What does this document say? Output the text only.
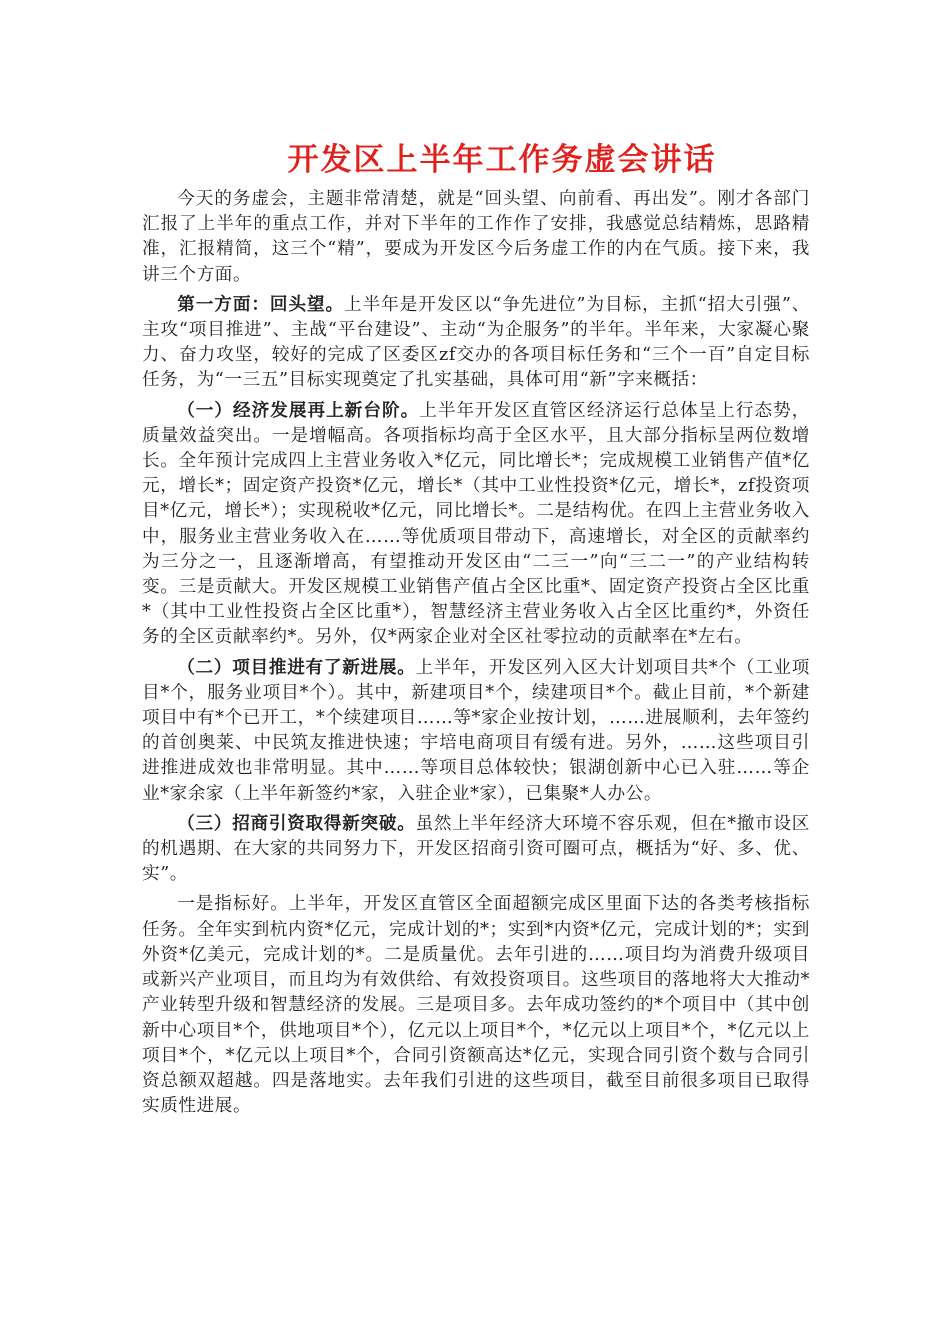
开发区上半年工作务虚会讲话

今天的务虚会，主题非常清楚，就是“回头望、向前看、再出发”。刚才各部门汇报了上半年的重点工作，并对下半年的工作作了安排，我感觉总结精炼，思路精准，汇报精简，这三个“精”，要成为开发区今后务虚工作的内在气质。接下来，我讲三个方面。

第一方面：回头望。上半年是开发区以“争先进位”为目标，主抓“招大引强”、主攻“项目推进”、主战“平台建设”、主动“为企服务”的半年。半年来，大家凝心聚力、奋力攻坚，较好的完成了区委区zf交办的各项目标任务和“三个一百”自定目标任务，为“一三五”目标实现奠定了扎实基础，具体可用“新”字来概括：

（一）经济发展再上新台阶。上半年开发区直管区经济运行总体呈上行态势，质量效益突出。一是增幅高。各项指标均高于全区水平，且大部分指标呈两位数增长。全年预计完成四上主营业务收入*亿元，同比增长*；完成规模工业销售产值*亿元，增长*；固定资产投资*亿元，增长*（其中工业性投资*亿元，增长*，zf投资项目*亿元，增长*）；实现税收*亿元，同比增长*。二是结构优。在四上主营业务收入中，服务业主营业务收入在……等优质项目带动下，高速增长，对全区的贡献率约为三分之一，且逐渐增高，有望推动开发区由“二三一”向“三二一”的产业结构转变。三是贡献大。开发区规模工业销售产值占全区比重*、固定资产投资占全区比重*（其中工业性投资占全区比重*），智慧经济主营业务收入占全区比重约*，外资任务的全区贡献率约*。另外，仅*两家企业对全区社零拉动的贡献率在*左右。

（二）项目推进有了新进展。上半年，开发区列入区大计划项目共*个（工业项目*个，服务业项目*个）。其中，新建项目*个，续建项目*个。截止目前，*个新建项目中有*个已开工，*个续建项目……等*家企业按计划，……进展顺利，去年签约的首创奥莱、中民筑友推进快速；宇培电商项目有缓有进。另外，……这些项目引进推进成效也非常明显。其中……等项目总体较快；银湖创新中心已入驻……等企业*家余家（上半年新签约*家，入驻企业*家），已集聚*人办公。

（三）招商引资取得新突破。虽然上半年经济大环境不容乐观，但在*撤市设区的机遇期、在大家的共同努力下，开发区招商引资可圈可点，概括为“好、多、优、实”。

一是指标好。上半年，开发区直管区全面超额完成区里面下达的各类考核指标任务。全年实到杭内资*亿元，完成计划的*；实到*内资*亿元，完成计划的*；实到外资*亿美元，完成计划的*。二是质量优。去年引进的……项目均为消费升级项目或新兴产业项目，而且均为有效供给、有效投资项目。这些项目的落地将大大推动*产业转型升级和智慧经济的发展。三是项目多。去年成功签约的*个项目中（其中创新中心项目*个，供地项目*个），亿元以上项目*个，*亿元以上项目*个，*亿元以上项目*个，*亿元以上项目*个，合同引资额高达*亿元，实现合同引资个数与合同引资总额双超越。四是落地实。去年我们引进的这些项目，截至目前很多项目已取得实质性进展。
